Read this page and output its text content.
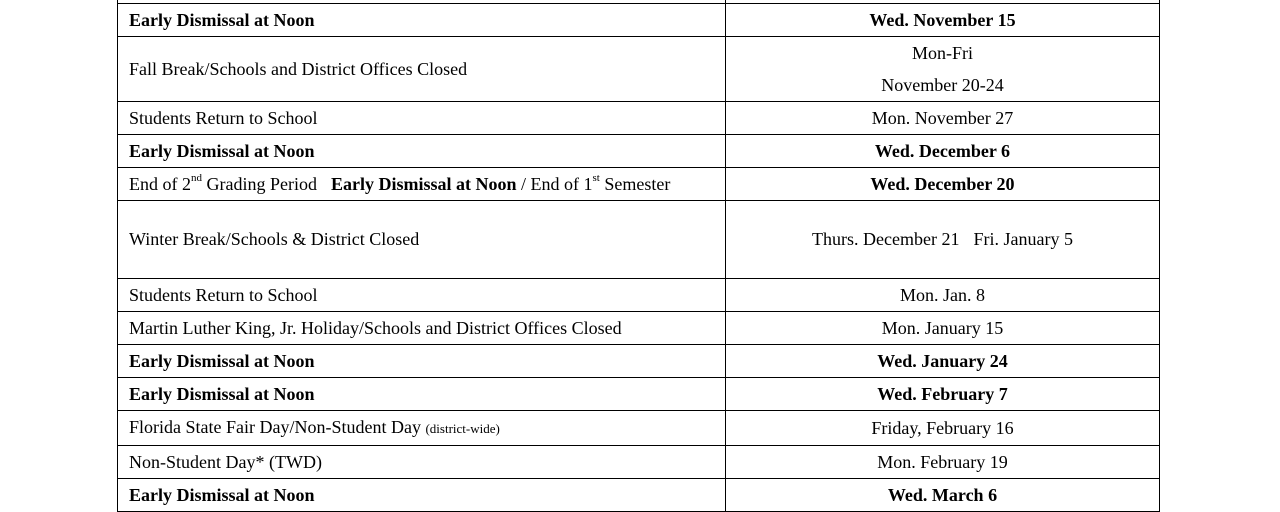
Early Dismissal at Noon	Wed. November 15
Fall Break/Schools and District Offices Closed	Mon-Fri
November 20-24

Students Return to School	Mon. November 27
Early Dismissal at Noon	Wed. December 6
End of 2nd Grading Period Early Dismissal at Noon / End of 1st Semester	Wed. December 20
Winter Break/Schools & District Closed	Thurs. December 21 Fri. January 5
Students Return to School	Mon. Jan. 8
Martin Luther King, Jr. Holiday/Schools and District Offices Closed	Mon. January 15
Early Dismissal at Noon	Wed. January 24
Early Dismissal at Noon	Wed. February 7
Florida State Fair Day/Non-Student Day (district-wide)	Friday, February 16
Non-Student Day* (TWD)	Mon. February 19
Early Dismissal at Noon	Wed. March 6
